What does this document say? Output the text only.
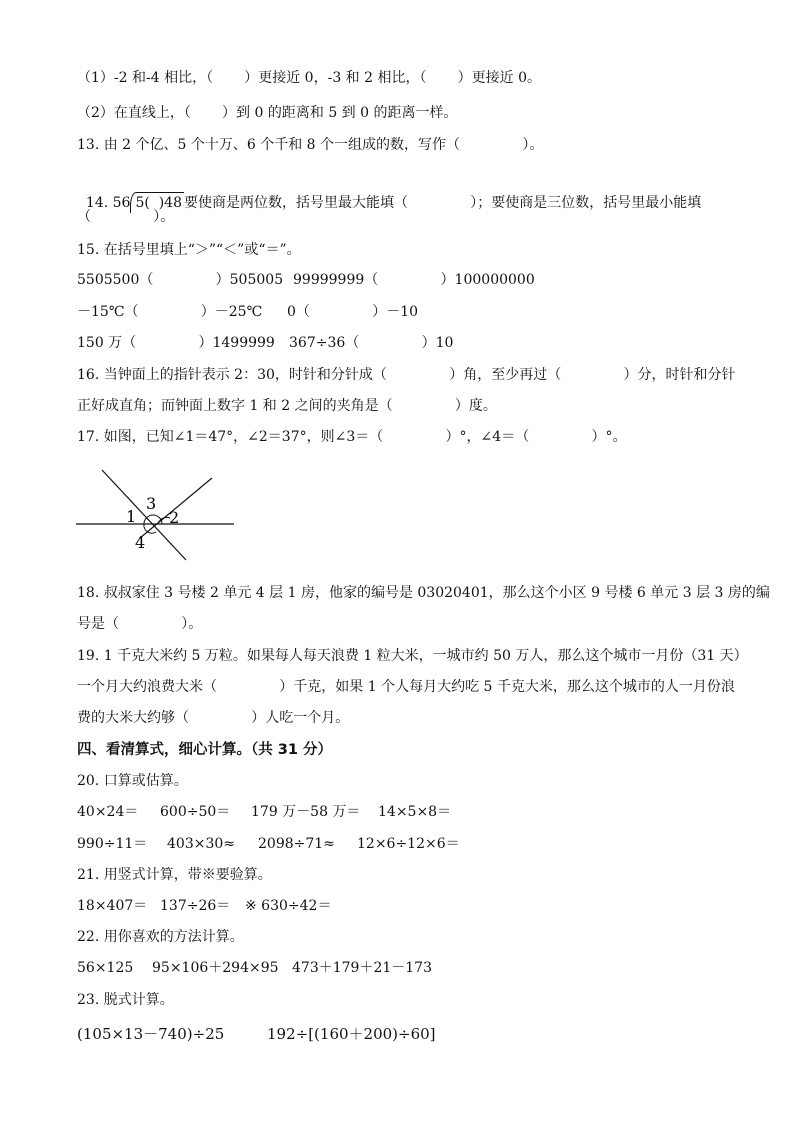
（1）-2 和-4 相比，（       ）更接近 0，-3 和 2 相比，（       ）更接近 0。
（2）在直线上，（       ）到 0 的距离和 5 到 0 的距离一样。
13. 由 2 个亿、5 个十万、6 个千和 8 个一组成的数，写作（              ）。

14. 56 5(  )48 要使商是两位数，括号里最大能填（              ）；要使商是三位数，括号里最小能填

（              ）。
15. 在括号里填上“＞”“＜”或“＝”。
5505500（              ）505005 99999999（              ）100000000
－15℃（              ）－25℃ 0（              ）－10
150 万（              ）1499999 367÷36（              ）10
16. 当钟面上的指针表示 2：30，时针和分针成（              ）角，至少再过（              ）分，时针和分针
正好成直角；而钟面上数字 1 和 2 之间的夹角是（              ）度。
17. 如图，已知∠1＝47°，∠2＝37°，则∠3＝（              ）°，∠4＝（              ）°。
1 2
3
4
18. 叔叔家住 3 号楼 2 单元 4 层 1 房，他家的编号是 03020401，那么这个小区 9 号楼 6 单元 3 层 3 房的编
号是（              ）。
19. 1 千克大米约 5 万粒。如果每人每天浪费 1 粒大米，一城市约 50 万人，那么这个城市一月份（31 天）
一个月大约浪费大米（              ）千克，如果 1 个人每月大约吃 5 千克大米，那么这个城市的人一月份浪
费的大米大约够（              ）人吃一个月。
四、看清算式，细心计算。（共 31 分）
20. 口算或估算。
40×24＝ 600÷50＝ 179 万－58 万＝ 14×5×8＝
990÷11＝ 403×30≈ 2098÷71≈ 12×6÷12×6＝
21. 用竖式计算，带※要验算。
18×407＝ 137÷26＝ ※ 630÷42＝
22. 用你喜欢的方法计算。
56×125 95×106＋294×95 473＋179＋21－173
23. 脱式计算。
(105×13－740)÷25	192÷[(160＋200)÷60]
